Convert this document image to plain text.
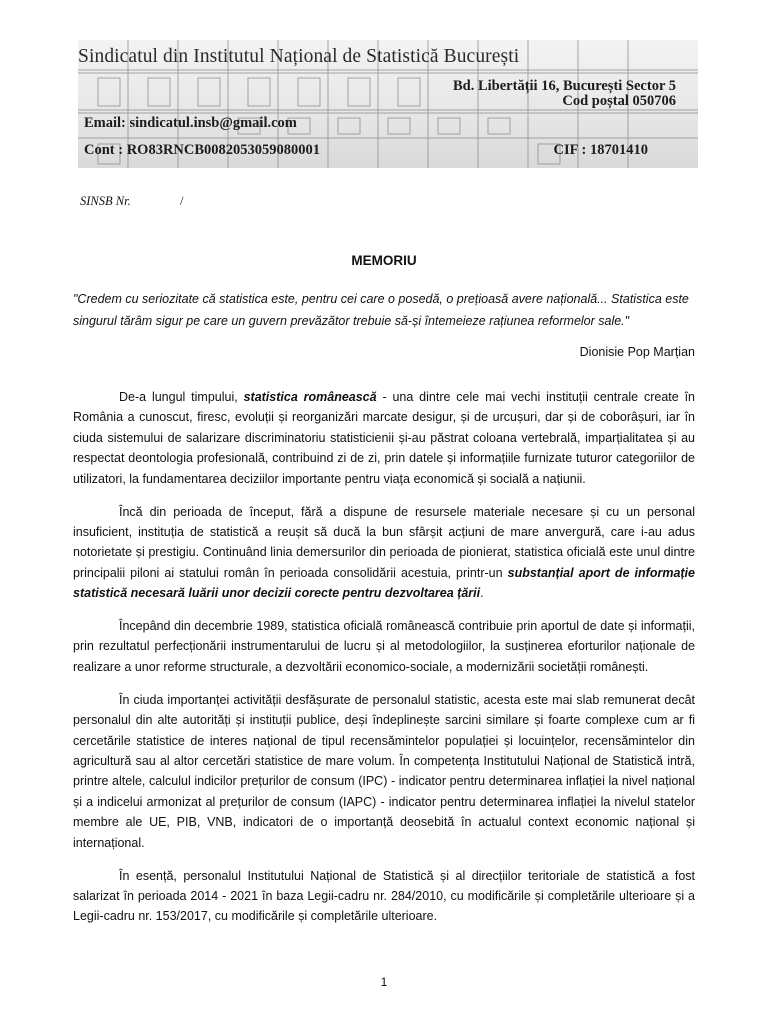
Sindicatul din Institutul Național de Statistică București
Bd. Libertății 16, București Sector 5
Cod poștal 050706
Email: sindicatul.insb@gmail.com
Cont : RO83RNCB0082053059080001	CIF : 18701410
SINSB Nr.	/
MEMORIU
"Credem cu seriozitate că statistica este, pentru cei care o posedă, o prețioasă avere națională... Statistica este singurul tărâm sigur pe care un guvern prevăzător trebuie să-și întemeieze rațiunea reformelor sale."
Dionisie Pop Marțian

De-a lungul timpului, statistica românească - una dintre cele mai vechi instituții centrale create în România a cunoscut, firesc, evoluții și reorganizări marcate desigur, și de urcușuri, dar și de coborâșuri, iar în ciuda sistemului de salarizare discriminatoriu statisticienii și-au păstrat coloana vertebrală, imparțialitatea și au respectat deontologia profesională, contribuind zi de zi, prin datele și informațiile furnizate tuturor categoriilor de utilizatori, la fundamentarea deciziilor importante pentru viața economică și socială a națiunii.

Încă din perioada de început, fără a dispune de resursele materiale necesare și cu un personal insuficient, instituția de statistică a reușit să ducă la bun sfârșit acțiuni de mare anvergură, care i-au adus notorietate și prestigiu. Continuând linia demersurilor din perioada de pionierat, statistica oficială este unul dintre principalii piloni ai statului român în perioada consolidării acestuia, printr-un substanțial aport de informație statistică necesară luării unor decizii corecte pentru dezvoltarea țării.

Începând din decembrie 1989, statistica oficială românească contribuie prin aportul de date și informații, prin rezultatul perfecționării instrumentarului de lucru și al metodologiilor, la susținerea eforturilor naționale de realizare a unor reforme structurale, a dezvoltării economico-sociale, a modernizării societății românești.

În ciuda importanței activității desfășurate de personalul statistic, acesta este mai slab remunerat decât personalul din alte autorități și instituții publice, deși îndeplinește sarcini similare și foarte complexe cum ar fi cercetările statistice de interes național de tipul recensămintelor populației și locuințelor, recensămintelor din agricultură sau al altor cercetări statistice de mare volum. În competența Institutului Național de Statistică intră, printre altele, calculul indicilor prețurilor de consum (IPC) - indicator pentru determinarea inflației la nivel național și a indicelui armonizat al prețurilor de consum (IAPC) - indicator pentru determinarea inflației la nivelul statelor membre ale UE, PIB, VNB, indicatori de o importanță deosebită în actualul context economic național și internațional.

În esență, personalul Institutului Național de Statistică și al direcțiilor teritoriale de statistică a fost salarizat în perioada 2014 - 2021 în baza Legii-cadru nr. 284/2010, cu modificările și completările ulterioare și a Legii-cadru nr. 153/2017, cu modificările și completările ulterioare.

1
